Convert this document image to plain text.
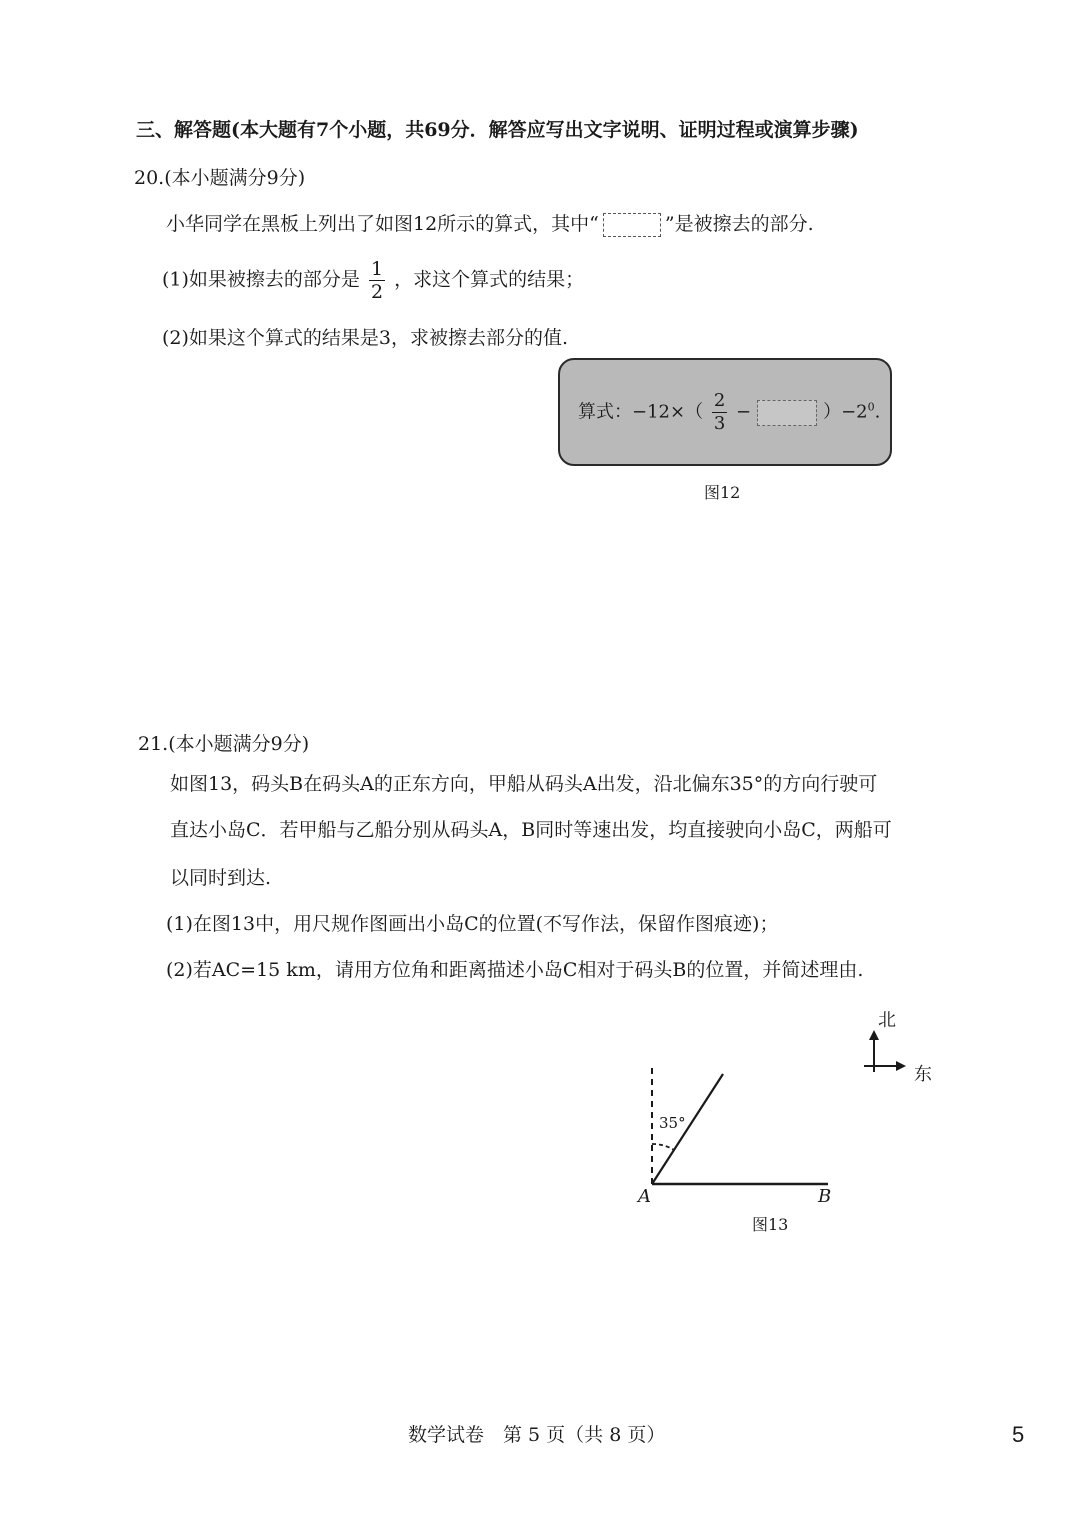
三、解答题(本大题有7个小题，共69分．解答应写出文字说明、证明过程或演算步骤)
20.(本小题满分9分)
小华同学在黑板上列出了如图12所示的算式，其中“	”是被擦去的部分.
(1)如果被擦去的部分是 $\frac{1}{2}$ ，求这个算式的结果；
(2)如果这个算式的结果是3，求被擦去部分的值.
算式：$-12\times( \frac{2}{3}$ −	）$-2^0$.
图12
21.(本小题满分9分)
如图13，码头B在码头A的正东方向，甲船从码头A出发，沿北偏东35°的方向行驶可
直达小岛C．若甲船与乙船分别从码头A，B同时等速出发，均直接驶向小岛C，两船可
以同时到达.
(1)在图13中，用尺规作图画出小岛C的位置(不写作法，保留作图痕迹)；
(2)若AC=15 km，请用方位角和距离描述小岛C相对于码头B的位置，并简述理由.
北
东
35°
A	B
图13
数学试卷　第 5 页（共 8 页）	5
